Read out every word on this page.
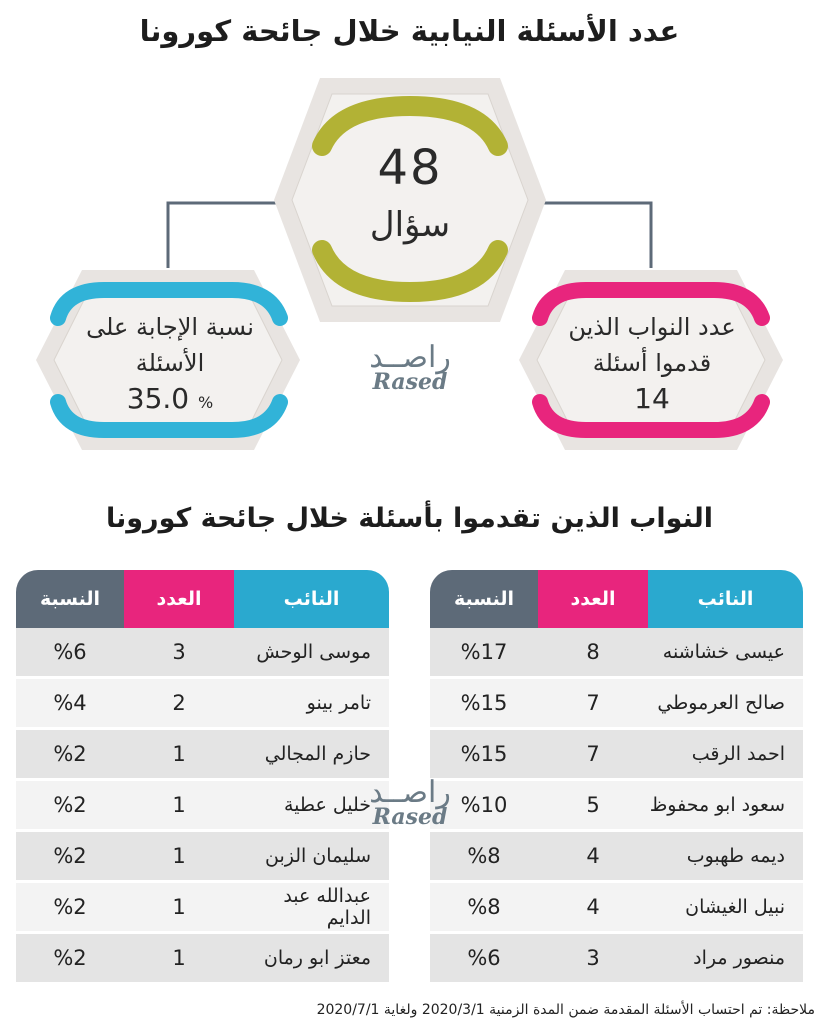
عدد الأسئلة النيابية خلال جائحة كورونا
48
سؤال
نسبة الإجابة على
الأسئلة
35.0 %
عدد النواب الذين
قدموا أسئلة
14
راصــد
Rased
النواب الذين تقدموا بأسئلة خلال جائحة كورونا
النائب	العدد	النسبة
عيسى خشاشنه	8	%17
صالح العرموطي	7	%15
احمد الرقب	7	%15
سعود ابو محفوظ	5	%10
ديمه طهبوب	4	%8
نبيل الغيشان	4	%8
منصور مراد	3	%6
النائب	العدد	النسبة
موسى الوحش	3	%6
تامر بينو	2	%4
حازم المجالي	1	%2
خليل عطية	1	%2
سليمان الزبن	1	%2
عبدالله عبد الدايم	1	%2
معتز ابو رمان	1	%2
راصــد
Rased
ملاحظة: تم احتساب الأسئلة المقدمة ضمن المدة الزمنية 2020/3/1 ولغاية 2020/7/1
